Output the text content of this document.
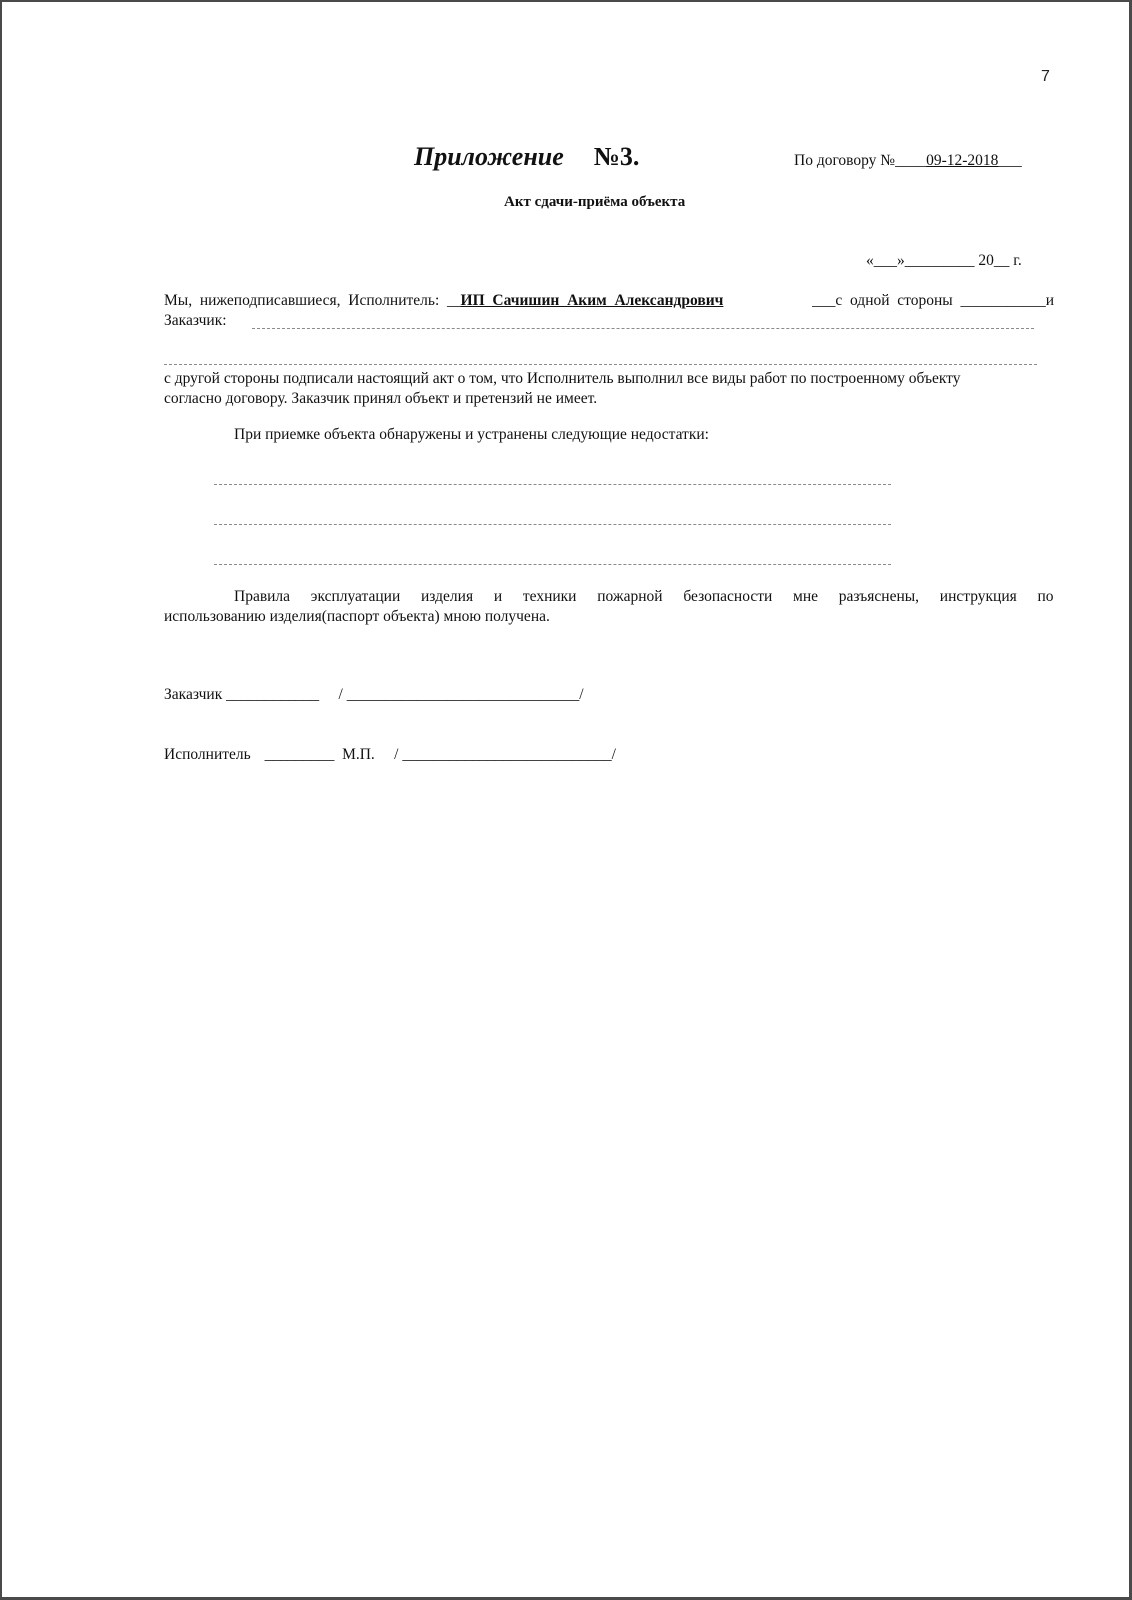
7
Приложение №3.	По договору №____09-12-2018___
Акт сдачи-приёма объекта
«___»_________ 20__ г.
Мы,  нижеподписавшиеся,  Исполнитель:  __
ИП  Сачишин  Аким  Александрович	___с  одной  стороны  ___________и
Заказчик:
с другой стороны подписали настоящий акт о том, что Исполнитель выполнил все виды работ по построенному объекту
согласно договору. Заказчик принял объект и претензий не имеет.
При приемке объекта обнаружены и устранены следующие недостатки:
Правила  эксплуатации  изделия  и  техники  пожарной  безопасности  мне  разъяснены,  инструкция  по
использованию изделия(паспорт объекта) мною получена.
Заказчик ____________     / ______________________________/
Исполнитель _________  М.П.     / ___________________________/
